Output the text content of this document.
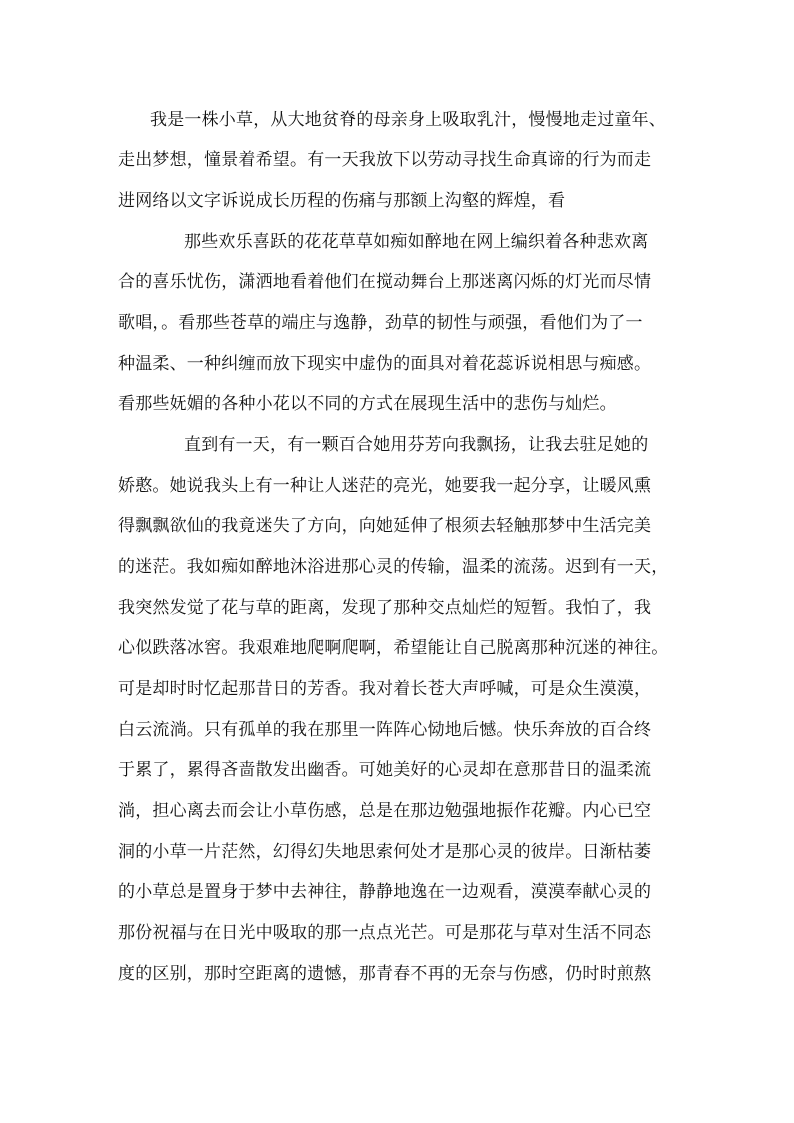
我是一株小草，从大地贫脊的母亲身上吸取乳汁，慢慢地走过童年、
走出梦想，憧景着希望。有一天我放下以劳动寻找生命真谛的行为而走
进网络以文字诉说成长历程的伤痛与那额上沟壑的辉煌，看
那些欢乐喜跃的花花草草如痴如醉地在网上编织着各种悲欢离
合的喜乐忧伤，潇洒地看着他们在搅动舞台上那迷离闪烁的灯光而尽情
歌唱，。看那些苍草的端庄与逸静，劲草的韧性与顽强，看他们为了一
种温柔、一种纠缠而放下现实中虚伪的面具对着花蕊诉说相思与痴感。
看那些妩媚的各种小花以不同的方式在展现生活中的悲伤与灿烂。
直到有一天，有一颗百合她用芬芳向我飘扬，让我去驻足她的
娇憨。她说我头上有一种让人迷茫的亮光，她要我一起分享，让暖风熏
得飘飘欲仙的我竟迷失了方向，向她延伸了根须去轻触那梦中生活完美
的迷茫。我如痴如醉地沐浴进那心灵的传输，温柔的流荡。迟到有一天，
我突然发觉了花与草的距离，发现了那种交点灿烂的短暂。我怕了，我
心似跌落冰窖。我艰难地爬啊爬啊，希望能让自己脱离那种沉迷的神往。
可是却时时忆起那昔日的芳香。我对着长苍大声呼喊，可是众生漠漠，
白云流淌。只有孤单的我在那里一阵阵心恸地后憾。快乐奔放的百合终
于累了，累得吝啬散发出幽香。可她美好的心灵却在意那昔日的温柔流
淌，担心离去而会让小草伤感，总是在那边勉强地振作花瓣。内心已空
洞的小草一片茫然，幻得幻失地思索何处才是那心灵的彼岸。日渐枯萎
的小草总是置身于梦中去神往，静静地逸在一边观看，漠漠奉献心灵的
那份祝福与在日光中吸取的那一点点光芒。可是那花与草对生活不同态
度的区别，那时空距离的遗憾，那青春不再的无奈与伤感，仍时时煎熬
